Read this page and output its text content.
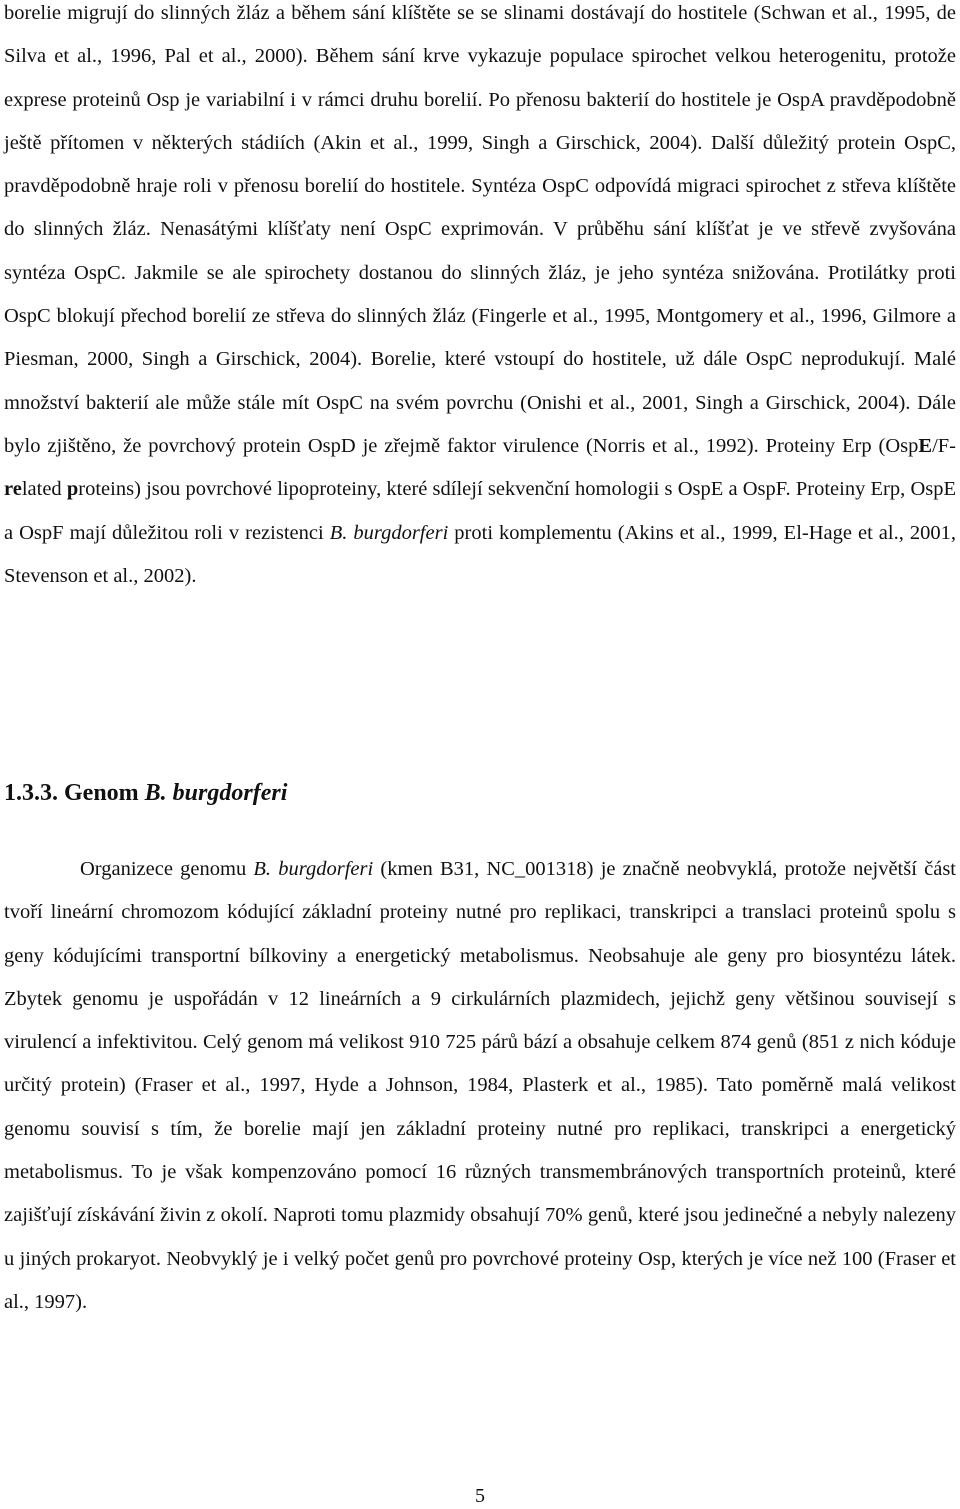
borelie migrují do slinných žláz a během sání klíštěte se se slinami dostávají do hostitele (Schwan et al., 1995, de Silva et al., 1996, Pal et al., 2000). Během sání krve vykazuje populace spirochet velkou heterogenitu, protože exprese proteinů Osp je variabilní i v rámci druhu borelií. Po přenosu bakterií do hostitele je OspA pravděpodobně ještě přítomen v některých stádiích (Akin et al., 1999, Singh a Girschick, 2004). Další důležitý protein OspC, pravděpodobně hraje roli v přenosu borelií do hostitele. Syntéza OspC odpovídá migraci spirochet z střeva klíštěte do slinných žláz. Nenasátými klíšťaty není OspC exprimován. V průběhu sání klíšťat je ve střevě zvyšována syntéza OspC. Jakmile se ale spirochety dostanou do slinných žláz, je jeho syntéza snižována. Protilátky proti OspC blokují přechod borelií ze střeva do slinných žláz (Fingerle et al., 1995, Montgomery et al., 1996, Gilmore a Piesman, 2000, Singh a Girschick, 2004). Borelie, které vstoupí do hostitele, už dále OspC neprodukují. Malé množství bakterií ale může stále mít OspC na svém povrchu (Onishi et al., 2001, Singh a Girschick, 2004). Dále bylo zjištěno, že povrchový protein OspD je zřejmě faktor virulence (Norris et al., 1992). Proteiny Erp (OspE/F-related proteins) jsou povrchové lipoproteiny, které sdílejí sekvenční homologii s OspE a OspF. Proteiny Erp, OspE a OspF mají důležitou roli v rezistenci B. burgdorferi proti komplementu (Akins et al., 1999, El-Hage et al., 2001, Stevenson et al., 2002).

1.3.3. Genom B. burgdorferi

Organizece genomu B. burgdorferi (kmen B31, NC_001318) je značně neobvyklá, protože největší část tvoří lineární chromozom kódující základní proteiny nutné pro replikaci, transkripci a translaci proteinů spolu s geny kódujícími transportní bílkoviny a energetický metabolismus. Neobsahuje ale geny pro biosyntézu látek. Zbytek genomu je uspořádán v 12 lineárních a 9 cirkulárních plazmidech, jejichž geny většinou souvisejí s virulencí a infektivitou. Celý genom má velikost 910 725 párů bází a obsahuje celkem 874 genů (851 z nich kóduje určitý protein) (Fraser et al., 1997, Hyde a Johnson, 1984, Plasterk et al., 1985). Tato poměrně malá velikost genomu souvisí s tím, že borelie mají jen základní proteiny nutné pro replikaci, transkripci a energetický metabolismus. To je však kompenzováno pomocí 16 různých transmembránových transportních proteinů, které zajišťují získávání živin z okolí. Naproti tomu plazmidy obsahují 70% genů, které jsou jedinečné a nebyly nalezeny u jiných prokaryot. Neobvyklý je i velký počet genů pro povrchové proteiny Osp, kterých je více než 100 (Fraser et al., 1997).

5
